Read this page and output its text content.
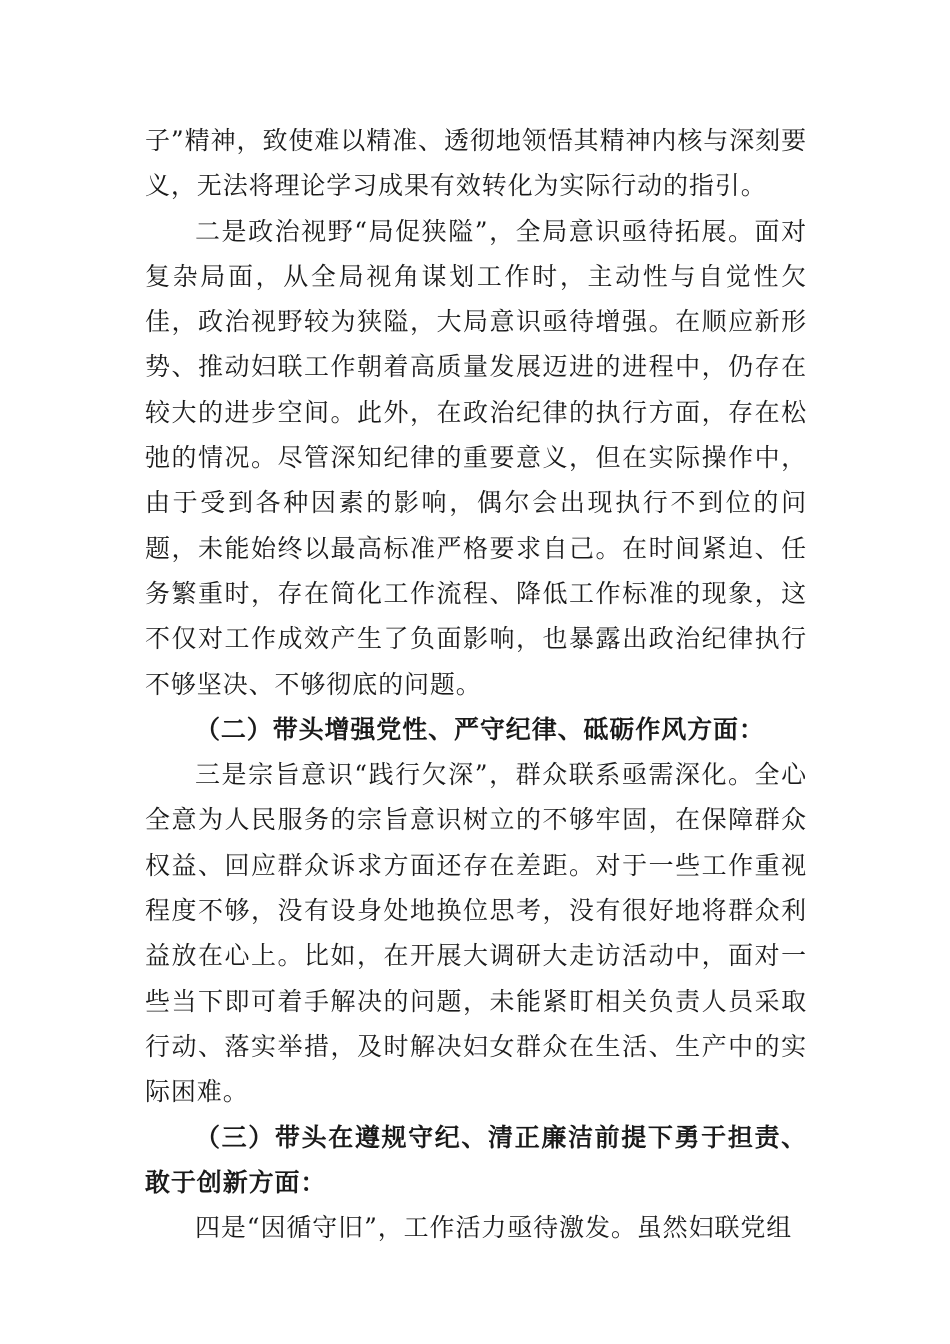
子”精神，致使难以精准、透彻地领悟其精神内核与深刻要义，无法将理论学习成果有效转化为实际行动的指引。

二是政治视野“局促狭隘”，全局意识亟待拓展。面对复杂局面，从全局视角谋划工作时，主动性与自觉性欠佳，政治视野较为狭隘，大局意识亟待增强。在顺应新形势、推动妇联工作朝着高质量发展迈进的进程中，仍存在较大的进步空间。此外，在政治纪律的执行方面，存在松弛的情况。尽管深知纪律的重要意义，但在实际操作中，由于受到各种因素的影响，偶尔会出现执行不到位的问题，未能始终以最高标准严格要求自己。在时间紧迫、任务繁重时，存在简化工作流程、降低工作标准的现象，这不仅对工作成效产生了负面影响，也暴露出政治纪律执行不够坚决、不够彻底的问题。

（二）带头增强党性、严守纪律、砥砺作风方面：

三是宗旨意识“践行欠深”，群众联系亟需深化。全心全意为人民服务的宗旨意识树立的不够牢固，在保障群众权益、回应群众诉求方面还存在差距。对于一些工作重视程度不够，没有设身处地换位思考，没有很好地将群众利益放在心上。比如，在开展大调研大走访活动中，面对一些当下即可着手解决的问题，未能紧盯相关负责人员采取行动、落实举措，及时解决妇女群众在生活、生产中的实际困难。

（三）带头在遵规守纪、清正廉洁前提下勇于担责、敢于创新方面：

四是“因循守旧”，工作活力亟待激发。虽然妇联党组
